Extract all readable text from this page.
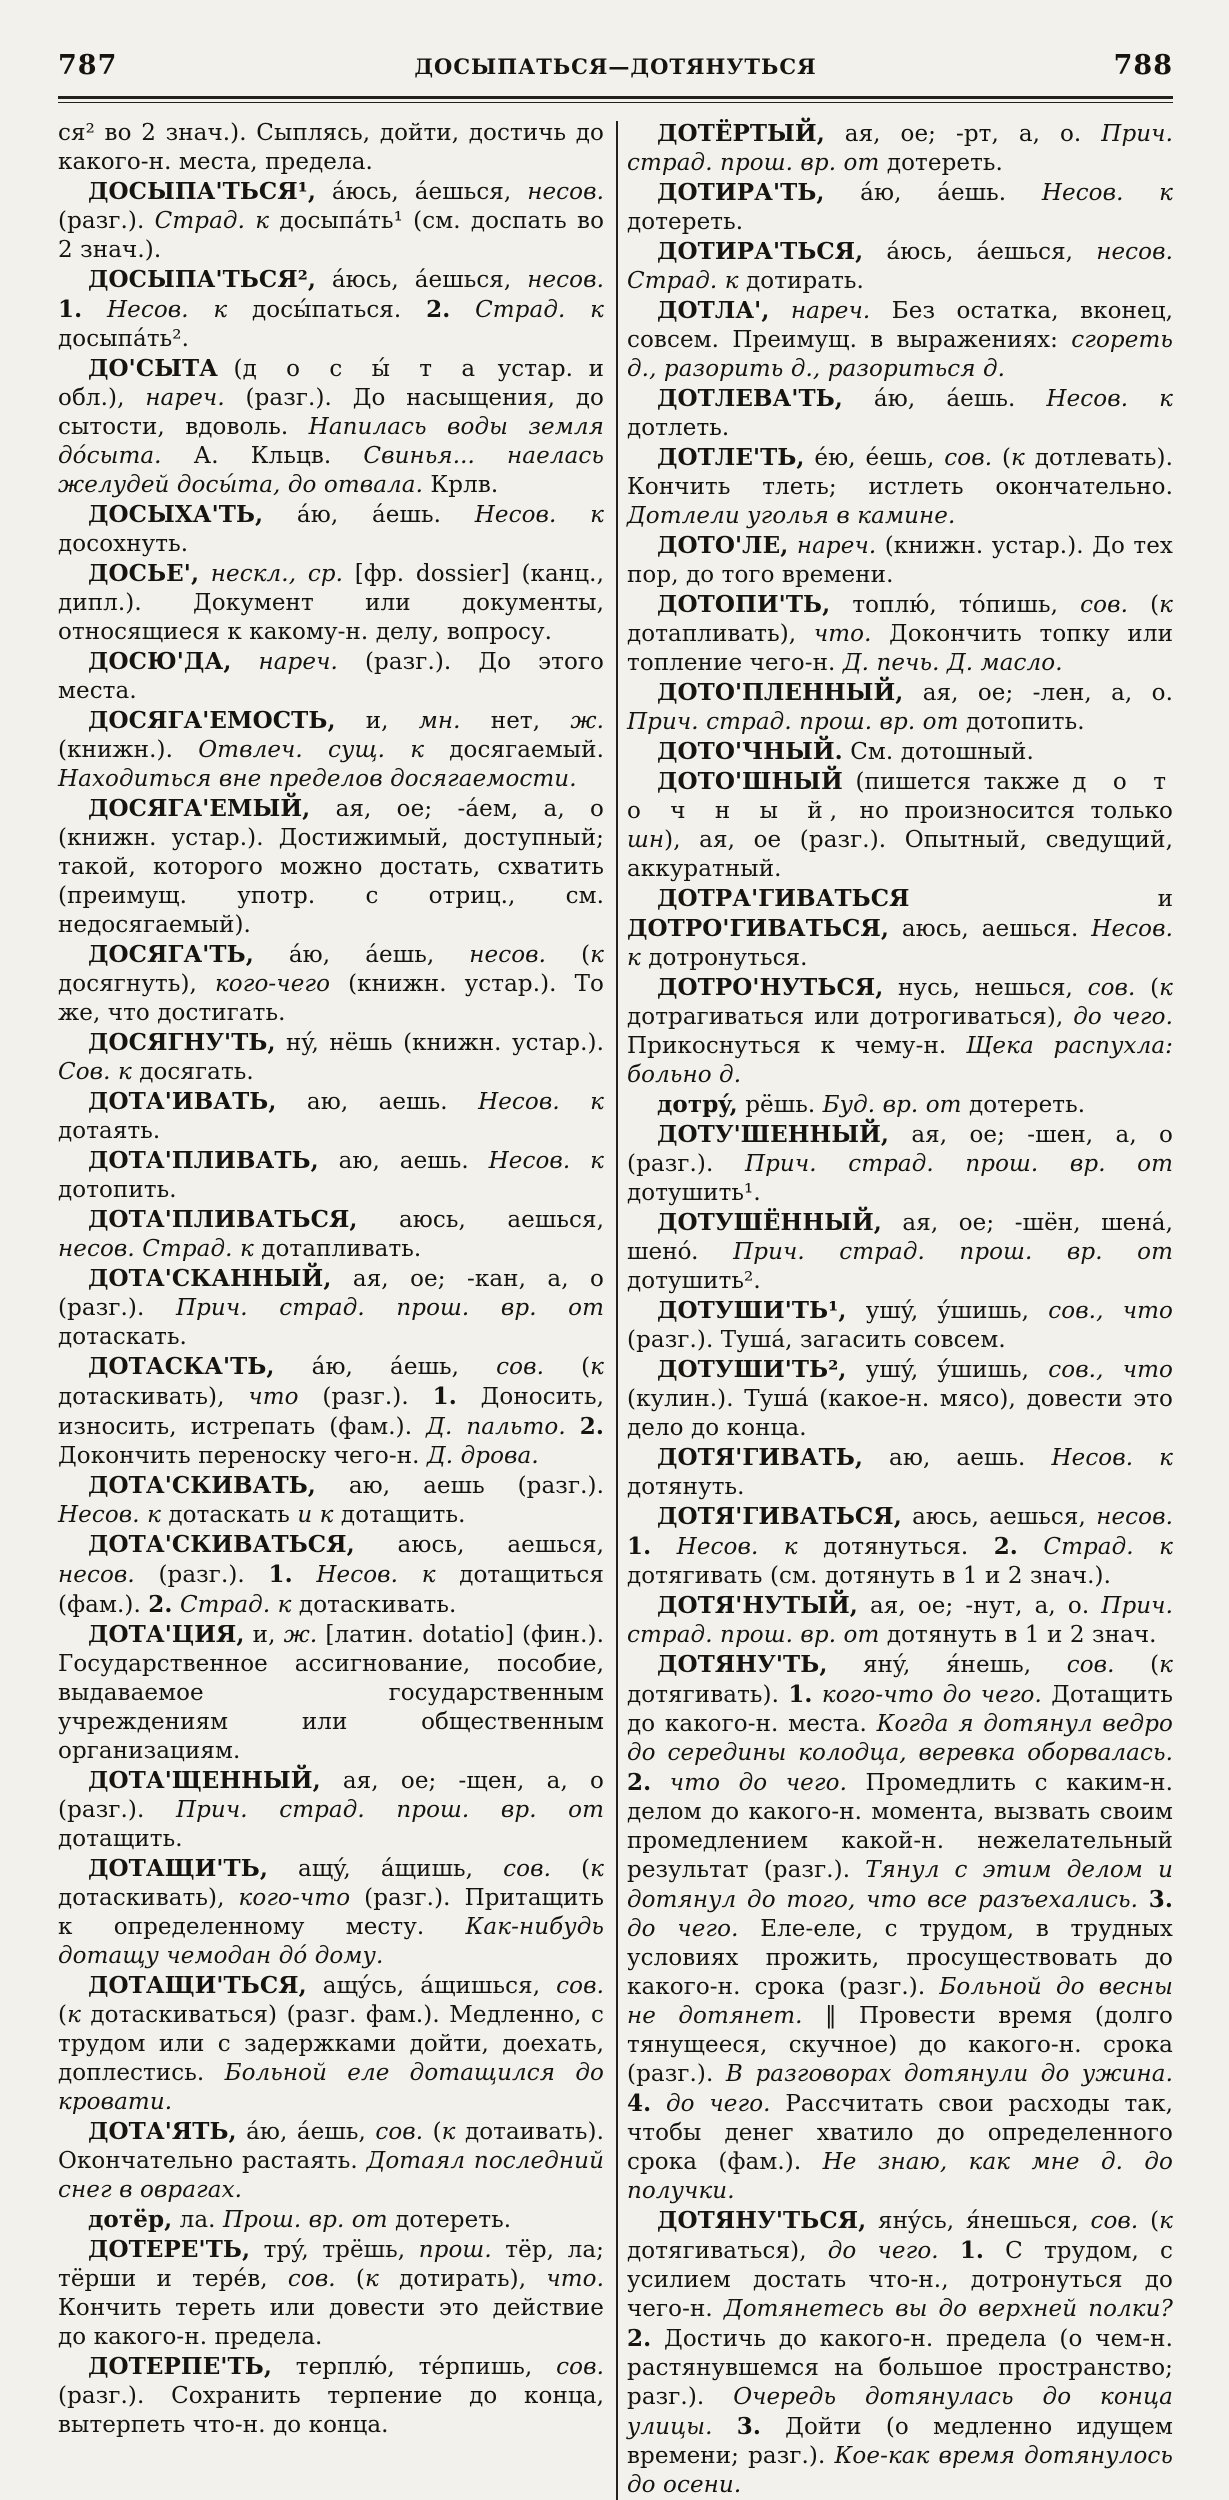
787	ДОСЫПАТЬСЯ—ДОТЯНУТЬСЯ	788

ся² во 2 знач.). Сыплясь, дойти, достичь до какого-н. места, предела.

ДОСЫПА'ТЬСЯ¹, áюсь, áешься, несов. (разг.). Страд. к досыпáть¹ (см. доспать во 2 знач.).

ДОСЫПА'ТЬСЯ², áюсь, áешься, несов. 1. Несов. к досы́паться. 2. Страд. к досыпáть².

ДО'СЫТА (д о с ы́ т а устар. и обл.), нареч. (разг.). До насыщения, до сытости, вдоволь. Напилась воды земля дóсыта. А. Кльцв. Свинья... наелась желудей досы́та, до отвала. Крлв.

ДОСЫХА'ТЬ, áю, áешь. Несов. к досохнуть.

ДОСЬЕ', нескл., ср. [фр. dossier] (канц., дипл.). Документ или документы, относящиеся к какому-н. делу, вопросу.

ДОСЮ'ДА, нареч. (разг.). До этого места.

ДОСЯГА'ЕМОСТЬ, и, мн. нет, ж. (книжн.). Отвлеч. сущ. к досягаемый. Находиться вне пределов досягаемости.

ДОСЯГА'ЕМЫЙ, ая, ое; -áем, а, о (книжн. устар.). Достижимый, доступный; такой, которого можно достать, схватить (преимущ. употр. с отриц., см. недосягаемый).

ДОСЯГА'ТЬ, áю, áешь, несов. (к досягнуть), кого-чего (книжн. устар.). То же, что достигать.

ДОСЯГНУ'ТЬ, нý, нёшь (книжн. устар.). Сов. к досягать.

ДОТА'ИВАТЬ, аю, аешь. Несов. к дотаять.

ДОТА'ПЛИВАТЬ, аю, аешь. Несов. к дотопить.

ДОТА'ПЛИВАТЬСЯ, аюсь, аешься, несов. Страд. к дотапливать.

ДОТА'СКАННЫЙ, ая, ое; -кан, а, о (разг.). Прич. страд. прош. вр. от дотаскать.

ДОТАСКА'ТЬ, áю, áешь, сов. (к дотаскивать), что (разг.). 1. Доносить, износить, истрепать (фам.). Д. пальто. 2. Докончить переноску чего-н. Д. дрова.

ДОТА'СКИВАТЬ, аю, аешь (разг.). Несов. к дотаскать и к дотащить.

ДОТА'СКИВАТЬСЯ, аюсь, аешься, несов. (разг.). 1. Несов. к дотащиться (фам.). 2. Страд. к дотаскивать.

ДОТА'ЦИЯ, и, ж. [латин. dotatio] (фин.). Государственное ассигнование, пособие, выдаваемое государственным учреждениям или общественным организациям.

ДОТА'ЩЕННЫЙ, ая, ое; -щен, а, о (разг.). Прич. страд. прош. вр. от дотащить.

ДОТАЩИ'ТЬ, ащý, áщишь, сов. (к дотаскивать), кого-что (разг.). Притащить к определенному месту. Как-нибудь дотащу чемодан дó дому.

ДОТАЩИ'ТЬСЯ, ащýсь, áщишься, сов. (к дотаскиваться) (разг. фам.). Медленно, с трудом или с задержками дойти, доехать, доплестись. Больной еле дотащился до кровати.

ДОТА'ЯТЬ, áю, áешь, сов. (к дотаивать). Окончательно растаять. Дотаял последний снег в оврагах.

дотёр, ла. Прош. вр. от дотереть.

ДОТЕРЕ'ТЬ, трý, трёшь, прош. тёр, ла; тёрши и терéв, сов. (к дотирать), что. Кончить тереть или довести это действие до какого-н. предела.

ДОТЕРПЕ'ТЬ, терплю́, тéрпишь, сов. (разг.). Сохранить терпение до конца, вытерпеть что-н. до конца.

ДОТЁРТЫЙ, ая, ое; -рт, а, о. Прич. страд. прош. вр. от дотереть.

ДОТИРА'ТЬ, áю, áешь. Несов. к дотереть.

ДОТИРА'ТЬСЯ, áюсь, áешься, несов. Страд. к дотирать.

ДОТЛА', нареч. Без остатка, вконец, совсем. Преимущ. в выражениях: сгореть д., разорить д., разориться д.

ДОТЛЕВА'ТЬ, áю, áешь. Несов. к дотлеть.

ДОТЛЕ'ТЬ, éю, éешь, сов. (к дотлевать). Кончить тлеть; истлеть окончательно. Дотлели уголья в камине.

ДОТО'ЛЕ, нареч. (книжн. устар.). До тех пор, до того времени.

ДОТОПИ'ТЬ, топлю́, тóпишь, сов. (к дотапливать), что. Докончить топку или топление чего-н. Д. печь. Д. масло.

ДОТО'ПЛЕННЫЙ, ая, ое; -лен, а, о. Прич. страд. прош. вр. от дотопить.

ДОТО'ЧНЫЙ. См. дотошный.

ДОТО'ШНЫЙ (пишется также д о т о ч н ы й, но произносится только шн), ая, ое (разг.). Опытный, сведущий, аккуратный.

ДОТРА'ГИВАТЬСЯ и ДОТРО'ГИВАТЬСЯ, аюсь, аешься. Несов. к дотронуться.

ДОТРО'НУТЬСЯ, нусь, нешься, сов. (к дотрагиваться или дотрогиваться), до чего. Прикоснуться к чему-н. Щека распухла: больно д.

дотрý, рёшь. Буд. вр. от дотереть.

ДОТУ'ШЕННЫЙ, ая, ое; -шен, а, о (разг.). Прич. страд. прош. вр. от дотушить¹.

ДОТУШЁННЫЙ, ая, ое; -шён, шенá, шенó. Прич. страд. прош. вр. от дотушить².

ДОТУШИ'ТЬ¹, ушý, ýшишь, сов., что (разг.). Тушá, загасить совсем.

ДОТУШИ'ТЬ², ушý, ýшишь, сов., что (кулин.). Тушá (какое-н. мясо), довести это дело до конца.

ДОТЯ'ГИВАТЬ, аю, аешь. Несов. к дотянуть.

ДОТЯ'ГИВАТЬСЯ, аюсь, аешься, несов. 1. Несов. к дотянуться. 2. Страд. к дотягивать (см. дотянуть в 1 и 2 знач.).

ДОТЯ'НУТЫЙ, ая, ое; -нут, а, о. Прич. страд. прош. вр. от дотянуть в 1 и 2 знач.

ДОТЯНУ'ТЬ, янý, я́нешь, сов. (к дотягивать). 1. кого-что до чего. Дотащить до какого-н. места. Когда я дотянул ведро до середины колодца, веревка оборвалась. 2. что до чего. Промедлить с каким-н. делом до какого-н. момента, вызвать своим промедлением какой-н. нежелательный результат (разг.). Тянул с этим делом и дотянул до того, что все разъехались. 3. до чего. Еле-еле, с трудом, в трудных условиях прожить, просуществовать до какого-н. срока (разг.). Больной до весны не дотянет. ‖ Провести время (долго тянущееся, скучное) до какого-н. срока (разг.). В разговорах дотянули до ужина. 4. до чего. Рассчитать свои расходы так, чтобы денег хватило до определенного срока (фам.). Не знаю, как мне д. до получки.

ДОТЯНУ'ТЬСЯ, янýсь, я́нешься, сов. (к дотягиваться), до чего. 1. С трудом, с усилием достать что-н., дотронуться до чего-н. Дотянетесь вы до верхней полки? 2. Достичь до какого-н. предела (о чем-н. растянувшемся на большое пространство; разг.). Очередь дотянулась до конца улицы. 3. Дойти (о медленно идущем времени; разг.). Кое-как время дотянулось до осени.
